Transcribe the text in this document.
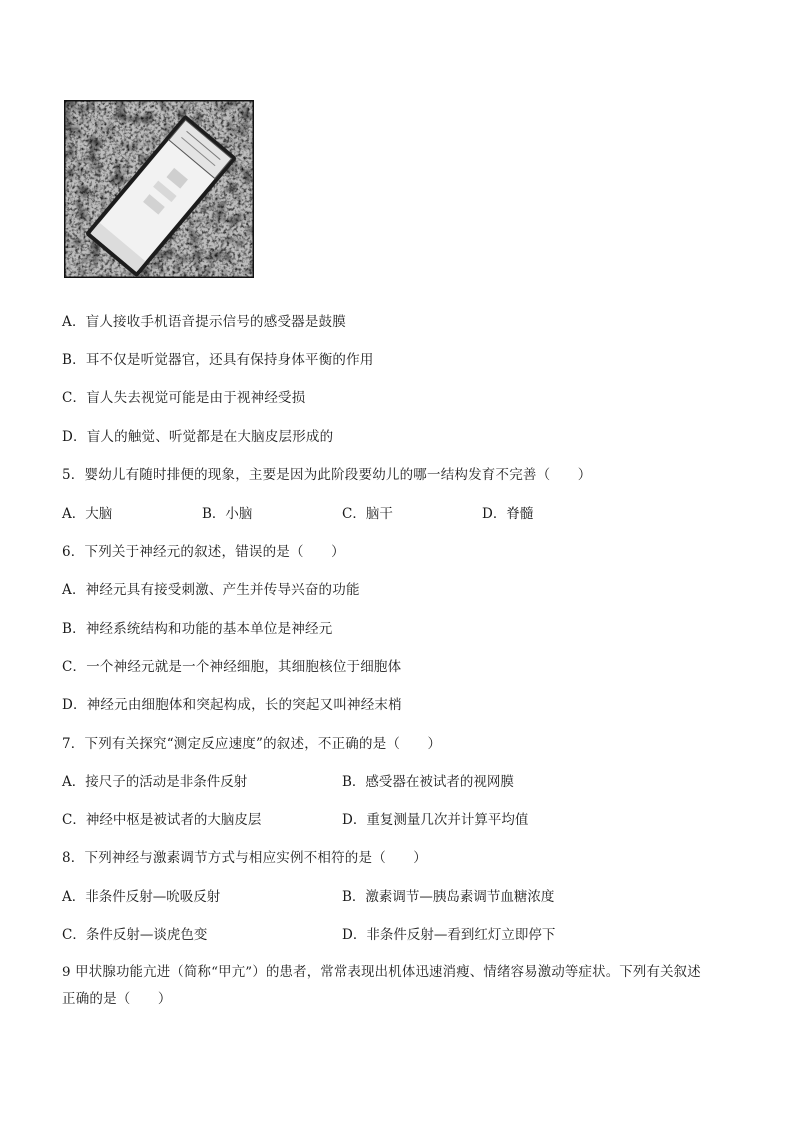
A．盲人接收手机语音提示信号的感受器是鼓膜
B．耳不仅是听觉器官，还具有保持身体平衡的作用
C．盲人失去视觉可能是由于视神经受损
D．盲人的触觉、听觉都是在大脑皮层形成的
5．婴幼儿有随时排便的现象，主要是因为此阶段要幼儿的哪一结构发育不完善（　　）
A．大脑	B．小脑	C．脑干	D．脊髓
6．下列关于神经元的叙述，错误的是（　　）
A．神经元具有接受刺激、产生并传导兴奋的功能
B．神经系统结构和功能的基本单位是神经元
C．一个神经元就是一个神经细胞，其细胞核位于细胞体
D．神经元由细胞体和突起构成，长的突起又叫神经末梢
7．下列有关探究“测定反应速度”的叙述，不正确的是（　　）
A．接尺子的活动是非条件反射	B．感受器在被试者的视网膜
C．神经中枢是被试者的大脑皮层	D．重复测量几次并计算平均值
8．下列神经与激素调节方式与相应实例不相符的是（　　）
A．非条件反射—吮吸反射	B．激素调节—胰岛素调节血糖浓度
C．条件反射—谈虎色变	D．非条件反射—看到红灯立即停下
9 甲状腺功能亢进（简称“甲亢”）的患者，常常表现出机体迅速消瘦、情绪容易激动等症状。下列有关叙述
正确的是（　　）
